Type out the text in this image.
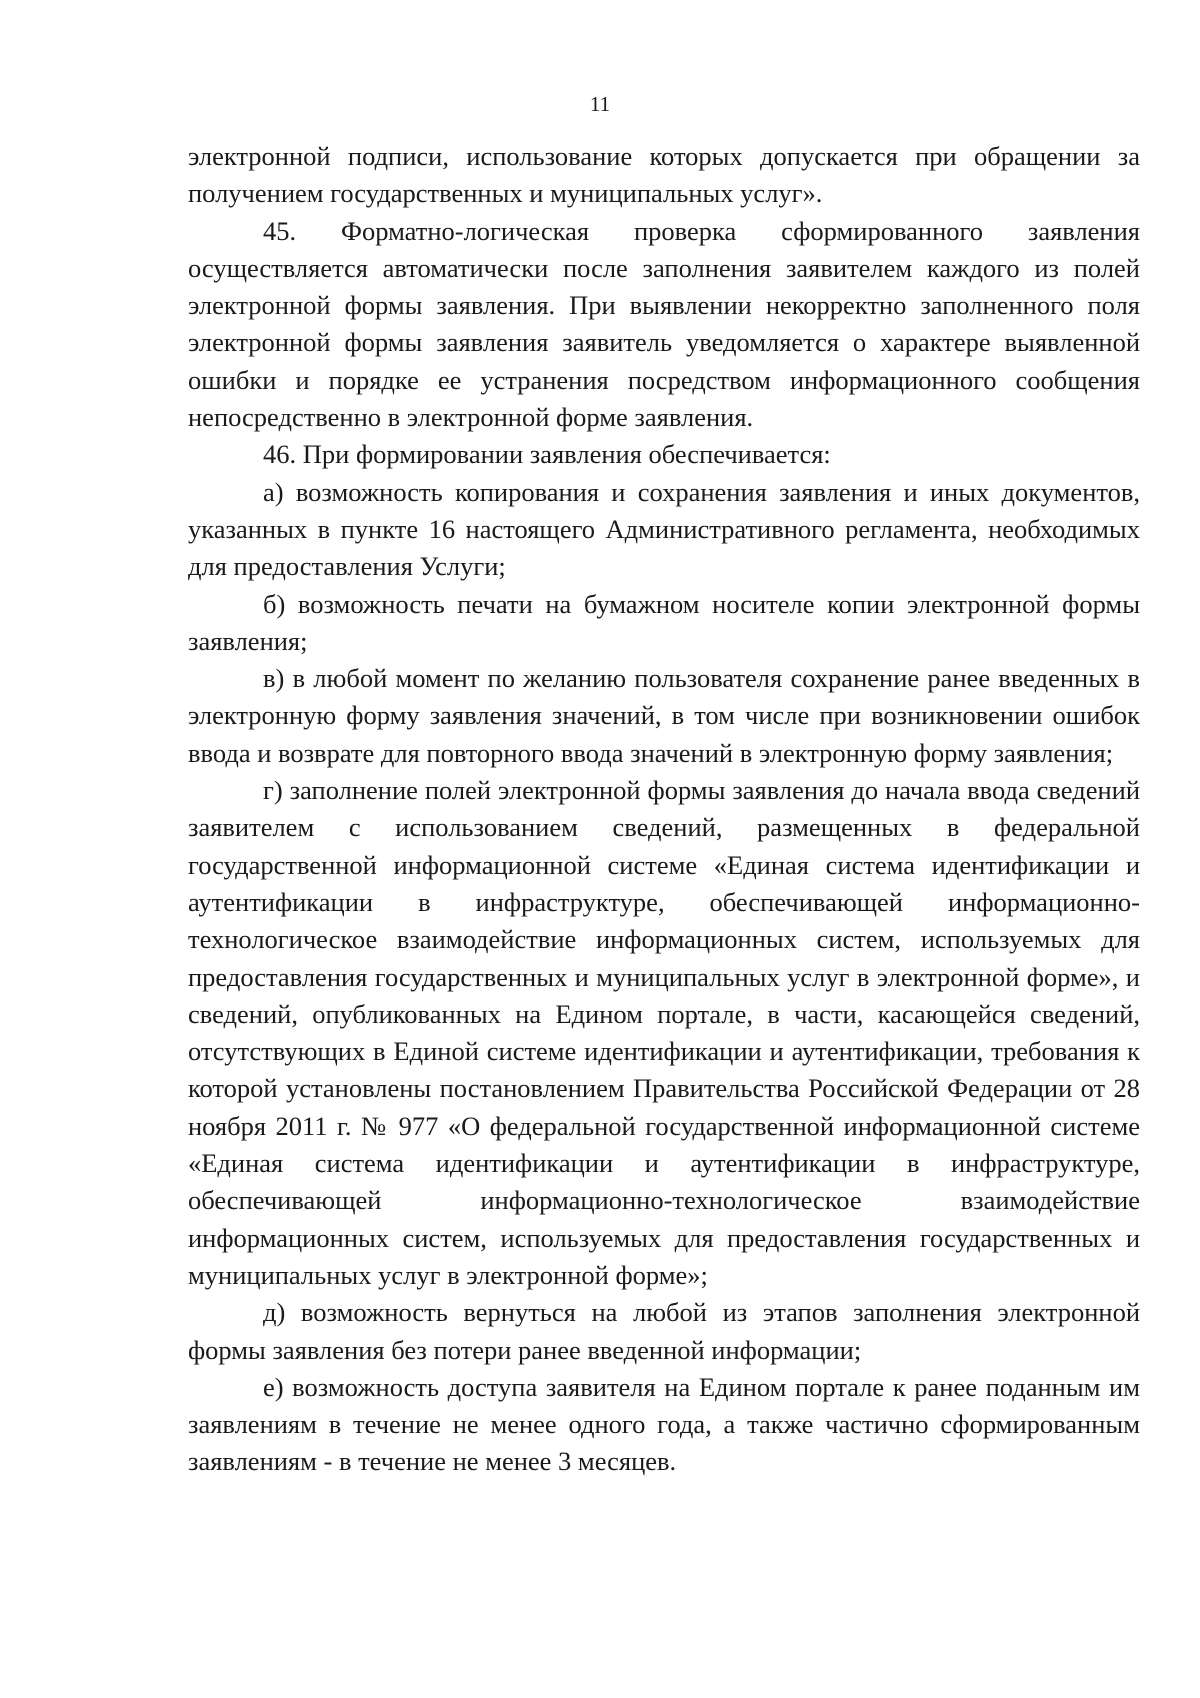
11

электронной подписи, использование которых допускается при обращении за получением государственных и муниципальных услуг».

45. Форматно-логическая проверка сформированного заявления осуществляется автоматически после заполнения заявителем каждого из полей электронной формы заявления. При выявлении некорректно заполненного поля электронной формы заявления заявитель уведомляется о характере выявленной ошибки и порядке ее устранения посредством информационного сообщения непосредственно в электронной форме заявления.

46. При формировании заявления обеспечивается:

а) возможность копирования и сохранения заявления и иных документов, указанных в пункте 16 настоящего Административного регламента, необходимых для предоставления Услуги;

б) возможность печати на бумажном носителе копии электронной формы заявления;

в) в любой момент по желанию пользователя сохранение ранее введенных в электронную форму заявления значений, в том числе при возникновении ошибок ввода и возврате для повторного ввода значений в электронную форму заявления;

г) заполнение полей электронной формы заявления до начала ввода сведений заявителем с использованием сведений, размещенных в федеральной государственной информационной системе «Единая система идентификации и аутентификации в инфраструктуре, обеспечивающей информационно-технологическое взаимодействие информационных систем, используемых для предоставления государственных и муниципальных услуг в электронной форме», и сведений, опубликованных на Едином портале, в части, касающейся сведений, отсутствующих в Единой системе идентификации и аутентификации, требования к которой установлены постановлением Правительства Российской Федерации от 28 ноября 2011 г. № 977 «О федеральной государственной информационной системе «Единая система идентификации и аутентификации в инфраструктуре, обеспечивающей информационно-технологическое взаимодействие информационных систем, используемых для предоставления государственных и муниципальных услуг в электронной форме»;

д) возможность вернуться на любой из этапов заполнения электронной формы заявления без потери ранее введенной информации;

е) возможность доступа заявителя на Едином портале к ранее поданным им заявлениям в течение не менее одного года, а также частично сформированным заявлениям - в течение не менее 3 месяцев.
